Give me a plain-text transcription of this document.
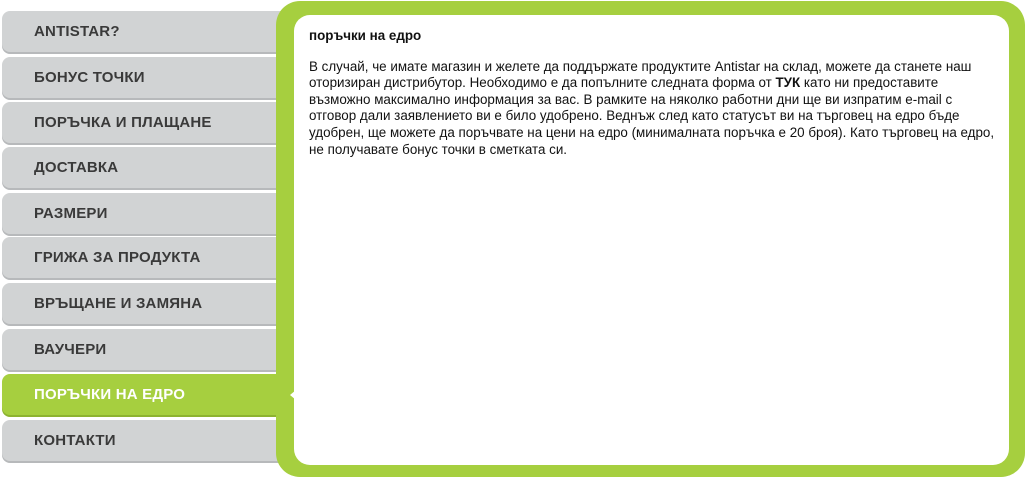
ANTISTAR?
БОНУС ТОЧКИ
ПОРЪЧКА И ПЛАЩАНЕ
ДОСТАВКА
РАЗМЕРИ
ГРИЖА ЗА ПРОДУКТА
ВРЪЩАНЕ И ЗАМЯНА
ВАУЧЕРИ
ПОРЪЧКИ НА ЕДРО
КОНТАКТИ
поръчки на едро

В случай, че имате магазин и желете да поддържате продуктите Antistar на склад, можете да станете наш оторизиран дистрибутор. Необходимо е да попълните следната форма от ТУК като ни предоставите възможно максимално информация за вас. В рамките на няколко работни дни ще ви изпратим e-mail с отговор дали заявлението ви е било удобрено. Веднъж след като статусът ви на търговец на едро бъде удобрен, ще можете да поръчвате на цени на едро (минималната поръчка е 20 броя). Като търговец на едро, не получавате бонус точки в сметката си.
